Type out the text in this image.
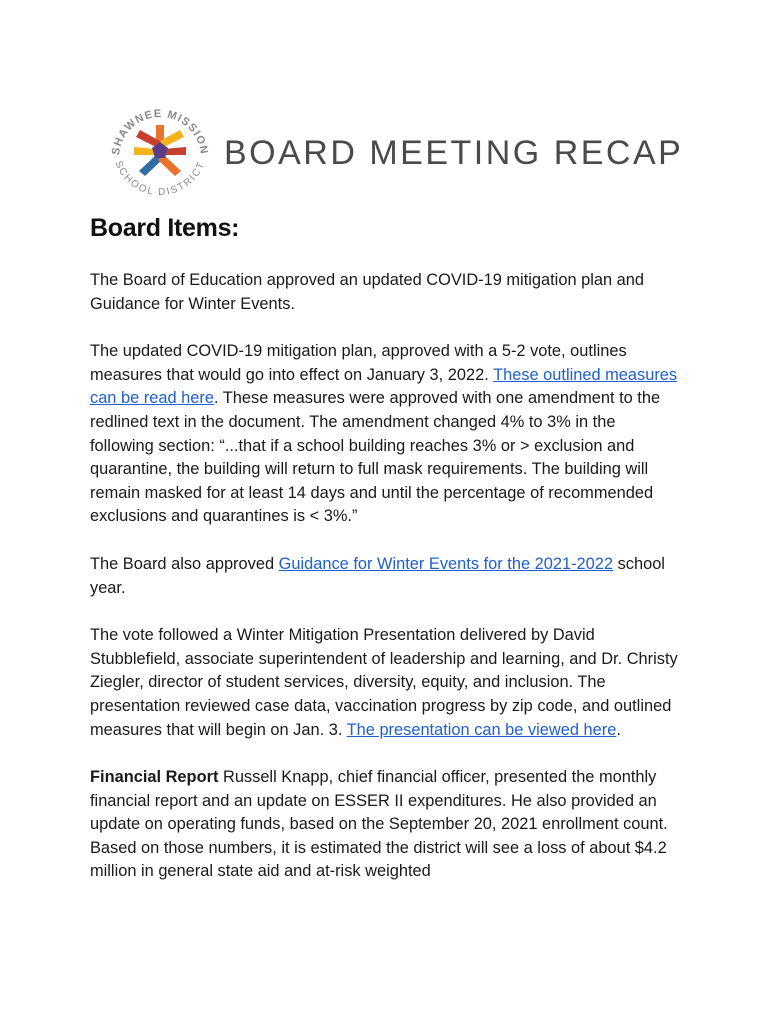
SHAWNEE MISSION
SCHOOL DISTRICT BOARD MEETING RECAP
Board Items:

The Board of Education approved an updated COVID-19 mitigation plan and Guidance for Winter Events.

The updated COVID-19 mitigation plan, approved with a 5-2 vote, outlines measures that would go into effect on January 3, 2022. These outlined measures can be read here. These measures were approved with one amendment to the redlined text in the document. The amendment changed 4% to 3% in the following section: “...that if a school building reaches 3% or > exclusion and quarantine, the building will return to full mask requirements. The building will remain masked for at least 14 days and until the percentage of recommended exclusions and quarantines is < 3%.”

The Board also approved Guidance for Winter Events for the 2021-2022 school year.

The vote followed a Winter Mitigation Presentation delivered by David Stubblefield, associate superintendent of leadership and learning, and Dr. Christy Ziegler, director of student services, diversity, equity, and inclusion. The presentation reviewed case data, vaccination progress by zip code, and outlined measures that will begin on Jan. 3. The presentation can be viewed here.

Financial Report Russell Knapp, chief financial officer, presented the monthly financial report and an update on ESSER II expenditures. He also provided an update on operating funds, based on the September 20, 2021 enrollment count. Based on those numbers, it is estimated the district will see a loss of about $4.2 million in general state aid and at-risk weighted
